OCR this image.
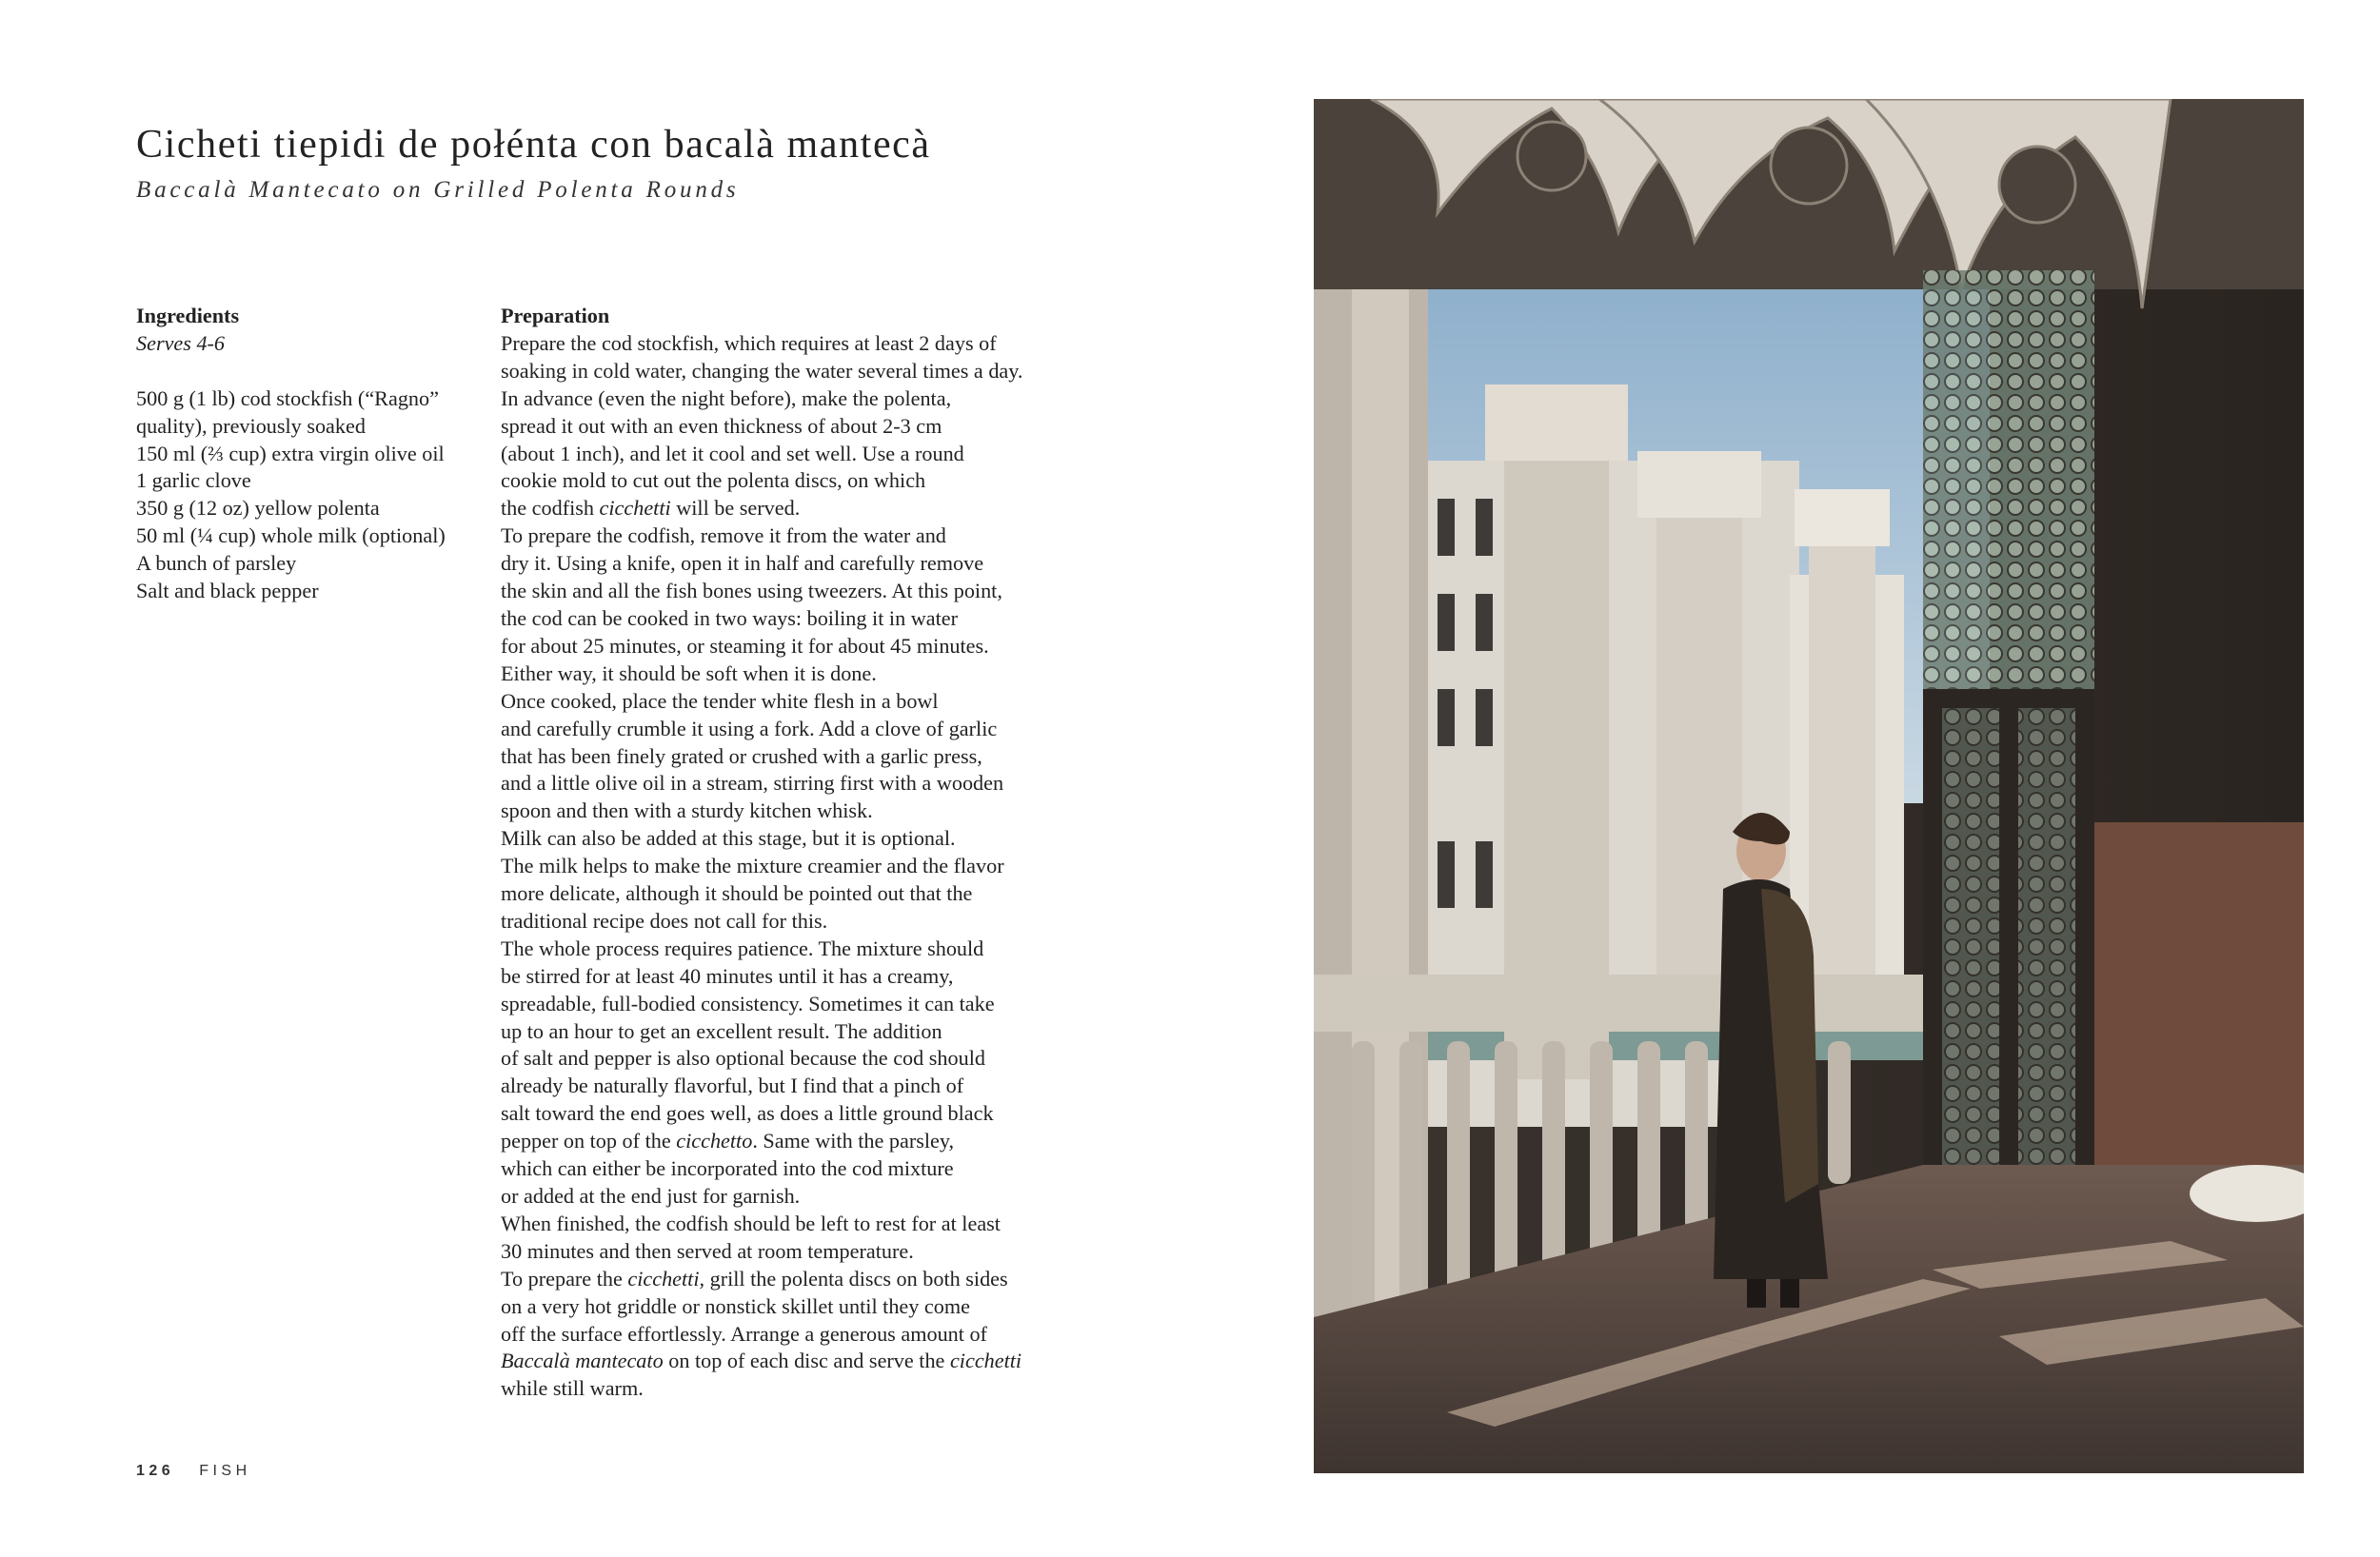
Cicheti tiepidi de połénta con bacalà mantecà
Baccalà Mantecato on Grilled Polenta Rounds
Ingredients
Serves 4-6
500 g (1 lb) cod stockfish (“Ragno”
quality), previously soaked
150 ml (⅔ cup) extra virgin olive oil
1 garlic clove
350 g (12 oz) yellow polenta
50 ml (¼ cup) whole milk (optional)
A bunch of parsley
Salt and black pepper
Preparation
Prepare the cod stockfish, which requires at least 2 days of
soaking in cold water, changing the water several times a day.
In advance (even the night before), make the polenta,
spread it out with an even thickness of about 2-3 cm
(about 1 inch), and let it cool and set well. Use a round
cookie mold to cut out the polenta discs, on which
the codfish cicchetti will be served.
To prepare the codfish, remove it from the water and
dry it. Using a knife, open it in half and carefully remove
the skin and all the fish bones using tweezers. At this point,
the cod can be cooked in two ways: boiling it in water
for about 25 minutes, or steaming it for about 45 minutes.
Either way, it should be soft when it is done.
Once cooked, place the tender white flesh in a bowl
and carefully crumble it using a fork. Add a clove of garlic
that has been finely grated or crushed with a garlic press,
and a little olive oil in a stream, stirring first with a wooden
spoon and then with a sturdy kitchen whisk.
Milk can also be added at this stage, but it is optional.
The milk helps to make the mixture creamier and the flavor
more delicate, although it should be pointed out that the
traditional recipe does not call for this.
The whole process requires patience. The mixture should
be stirred for at least 40 minutes until it has a creamy,
spreadable, full-bodied consistency. Sometimes it can take
up to an hour to get an excellent result. The addition
of salt and pepper is also optional because the cod should
already be naturally flavorful, but I find that a pinch of
salt toward the end goes well, as does a little ground black
pepper on top of the cicchetto. Same with the parsley,
which can either be incorporated into the cod mixture
or added at the end just for garnish.
When finished, the codfish should be left to rest for at least
30 minutes and then served at room temperature.
To prepare the cicchetti, grill the polenta discs on both sides
on a very hot griddle or nonstick skillet until they come
off the surface effortlessly. Arrange a generous amount of
Baccalà mantecato on top of each disc and serve the cicchetti
while still warm.
126 FISH
